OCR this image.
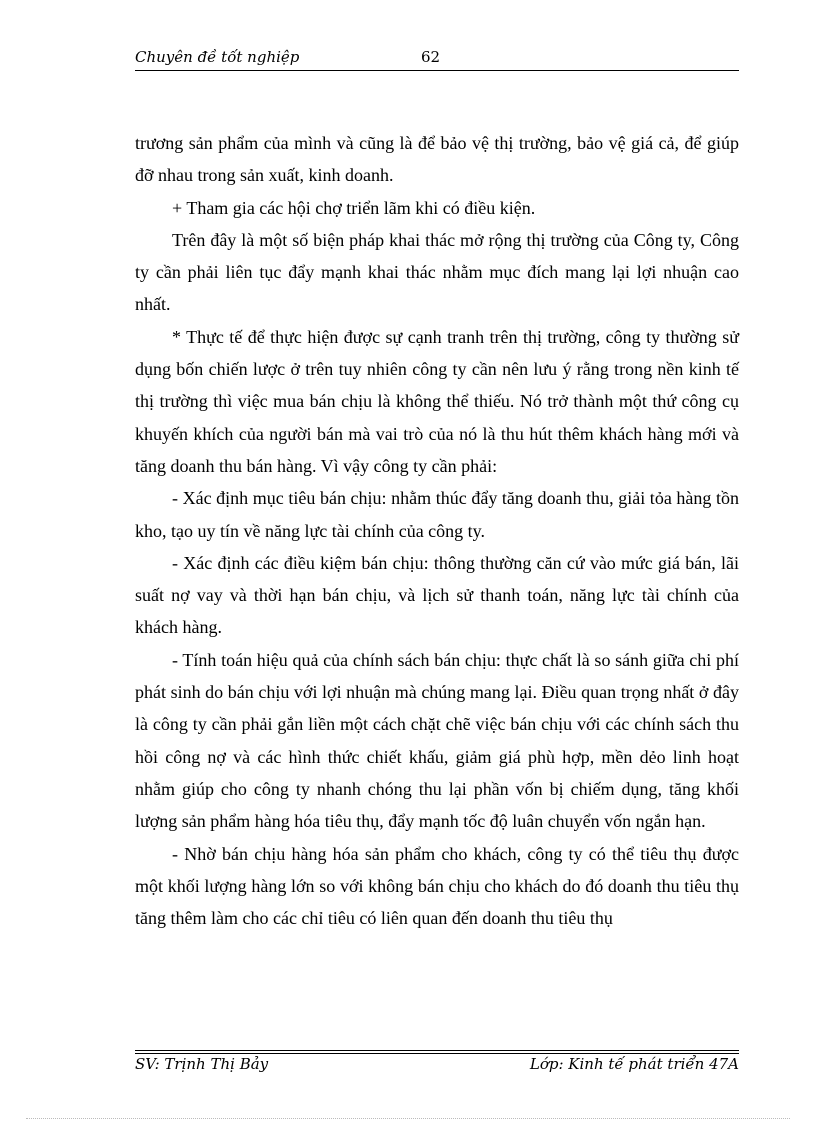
Chuyên đề tốt nghiệp	62

trương sản phẩm của mình và cũng là để bảo vệ thị trường, bảo vệ giá cả, để giúp đỡ nhau trong sản xuất, kinh doanh.

+ Tham gia các hội chợ triển lãm khi có điều kiện.

Trên đây là một số biện pháp khai thác mở rộng thị trường của Công ty, Công ty cần phải liên tục đẩy mạnh khai thác nhằm mục đích mang lại lợi nhuận cao nhất.

* Thực tế để thực hiện được sự cạnh tranh trên thị trường, công ty thường sử dụng bốn chiến lược ở trên tuy nhiên công ty cần nên lưu ý rằng trong nền kinh tế thị trường thì việc mua bán chịu là không thể thiếu. Nó trở thành một thứ công cụ khuyến khích của người bán mà vai trò của nó là thu hút thêm khách hàng mới và tăng doanh thu bán hàng. Vì vậy công ty cần phải:

- Xác định mục tiêu bán chịu: nhằm thúc đẩy tăng doanh thu, giải tỏa hàng tồn kho, tạo uy tín về năng lực tài chính của công ty.

- Xác định các điều kiệm bán chịu: thông thường căn cứ vào mức giá bán, lãi suất nợ vay và thời hạn bán chịu, và lịch sử thanh toán, năng lực tài chính của khách hàng.

- Tính toán hiệu quả của chính sách bán chịu: thực chất là so sánh giữa chi phí phát sinh do bán chịu với lợi nhuận mà chúng mang lại. Điều quan trọng nhất ở đây là công ty cần phải gắn liền một cách chặt chẽ việc bán chịu với các chính sách thu hồi công nợ và các hình thức chiết khấu, giảm giá phù hợp, mền dẻo linh hoạt nhằm giúp cho công ty nhanh chóng thu lại phần vốn bị chiếm dụng, tăng khối lượng sản phẩm hàng hóa tiêu thụ, đẩy mạnh tốc độ luân chuyển vốn ngắn hạn.

- Nhờ bán chịu hàng hóa sản phẩm cho khách, công ty có thể tiêu thụ được một khối lượng hàng lớn so với không bán chịu cho khách do đó doanh thu tiêu thụ tăng thêm làm cho các chỉ tiêu có liên quan đến doanh thu tiêu thụ

SV: Trịnh Thị Bảy	Lớp: Kinh tế phát triển 47A
